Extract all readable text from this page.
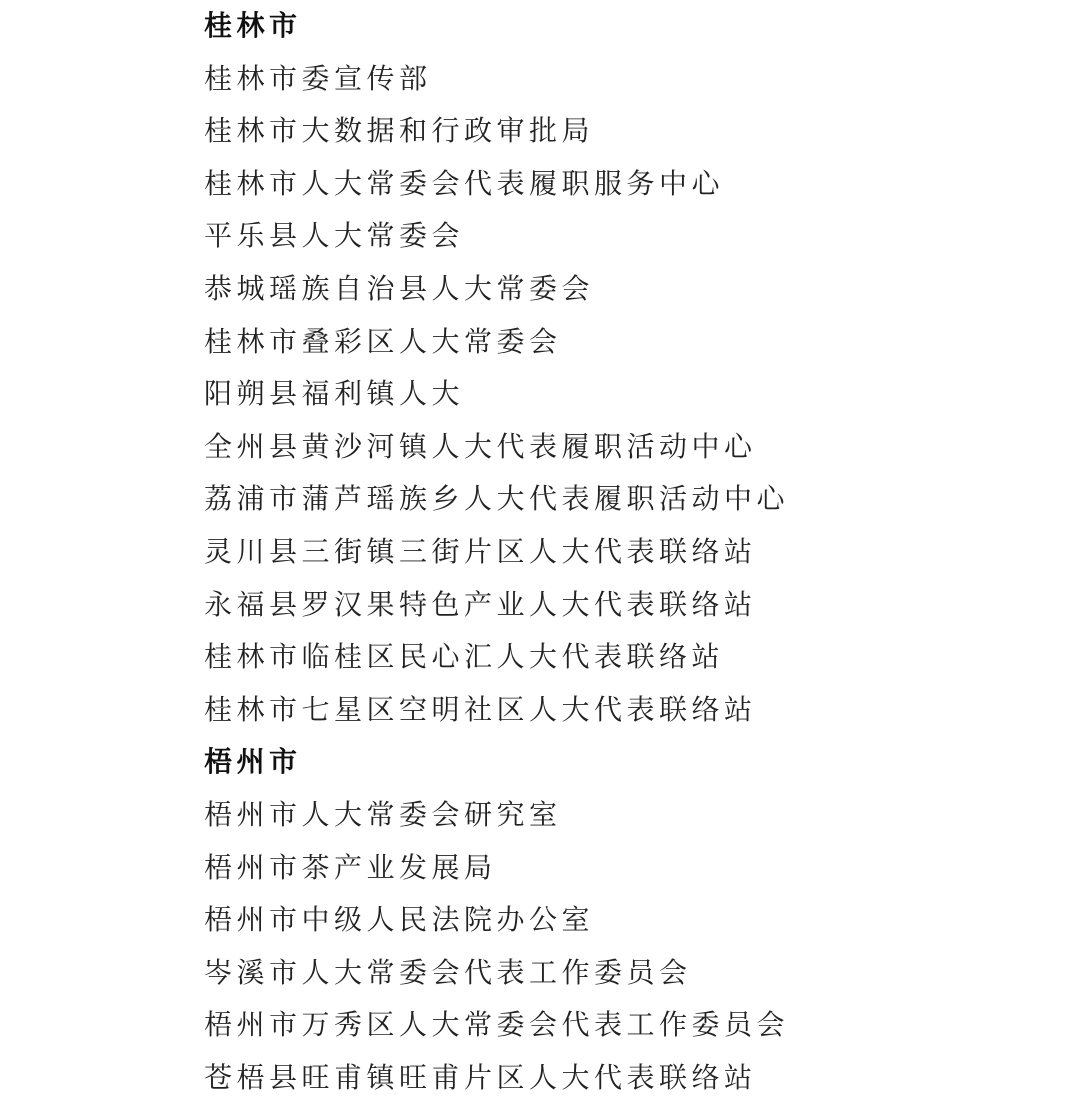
桂林市

桂林市委宣传部

桂林市大数据和行政审批局

桂林市人大常委会代表履职服务中心

平乐县人大常委会

恭城瑶族自治县人大常委会

桂林市叠彩区人大常委会

阳朔县福利镇人大

全州县黄沙河镇人大代表履职活动中心

荔浦市蒲芦瑶族乡人大代表履职活动中心

灵川县三街镇三街片区人大代表联络站

永福县罗汉果特色产业人大代表联络站

桂林市临桂区民心汇人大代表联络站

桂林市七星区空明社区人大代表联络站

梧州市

梧州市人大常委会研究室

梧州市茶产业发展局

梧州市中级人民法院办公室

岑溪市人大常委会代表工作委员会

梧州市万秀区人大常委会代表工作委员会

苍梧县旺甫镇旺甫片区人大代表联络站
